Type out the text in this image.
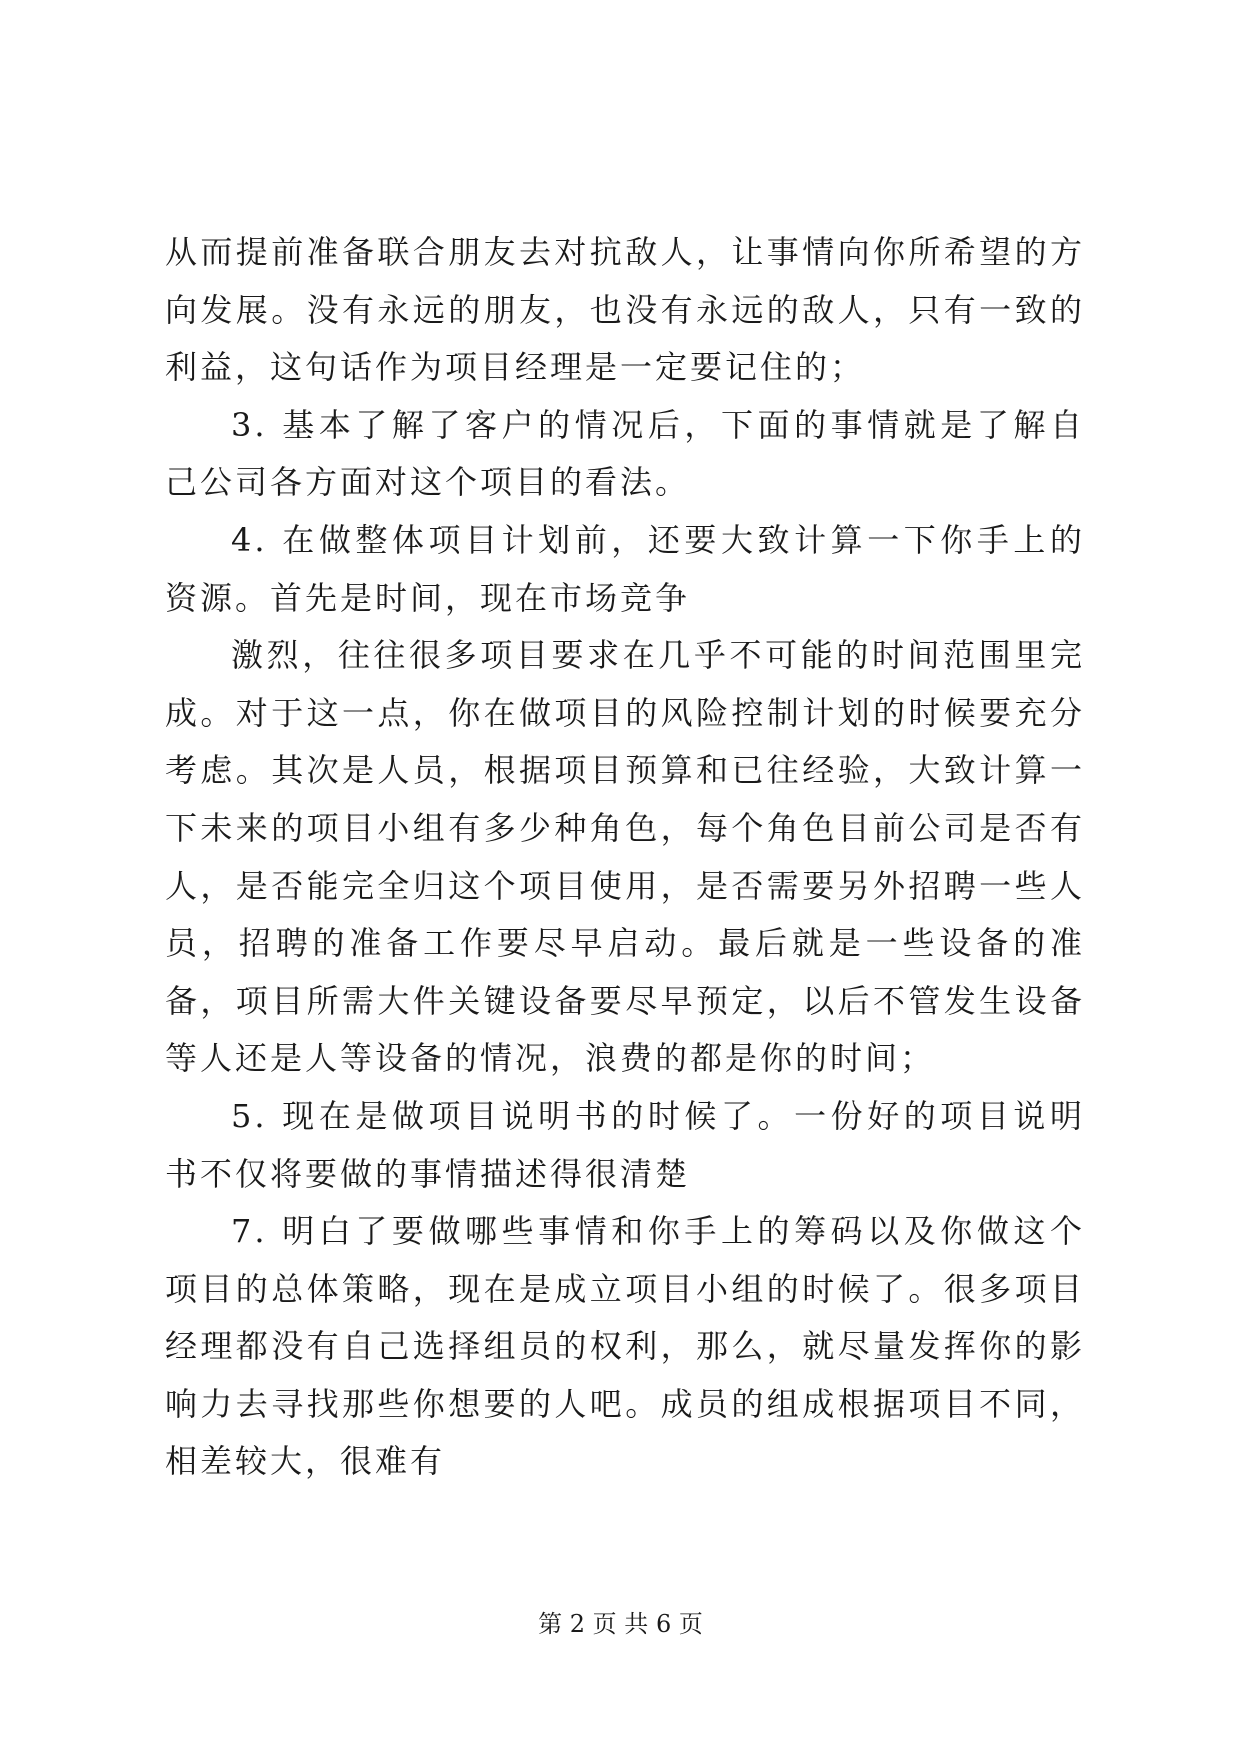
从而提前准备联合朋友去对抗敌人，让事情向你所希望的方向发展。没有永远的朋友，也没有永远的敌人，只有一致的利益，这句话作为项目经理是一定要记住的；

3. 基本了解了客户的情况后，下面的事情就是了解自己公司各方面对这个项目的看法。

4. 在做整体项目计划前，还要大致计算一下你手上的资源。首先是时间，现在市场竞争

激烈，往往很多项目要求在几乎不可能的时间范围里完成。对于这一点，你在做项目的风险控制计划的时候要充分考虑。其次是人员，根据项目预算和已往经验，大致计算一下未来的项目小组有多少种角色，每个角色目前公司是否有人，是否能完全归这个项目使用，是否需要另外招聘一些人员，招聘的准备工作要尽早启动。最后就是一些设备的准备，项目所需大件关键设备要尽早预定，以后不管发生设备等人还是人等设备的情况，浪费的都是你的时间；

5. 现在是做项目说明书的时候了。一份好的项目说明书不仅将要做的事情描述得很清楚

7. 明白了要做哪些事情和你手上的筹码以及你做这个项目的总体策略，现在是成立项目小组的时候了。很多项目经理都没有自己选择组员的权利，那么，就尽量发挥你的影响力去寻找那些你想要的人吧。成员的组成根据项目不同，相差较大，很难有

第 2 页 共 6 页
